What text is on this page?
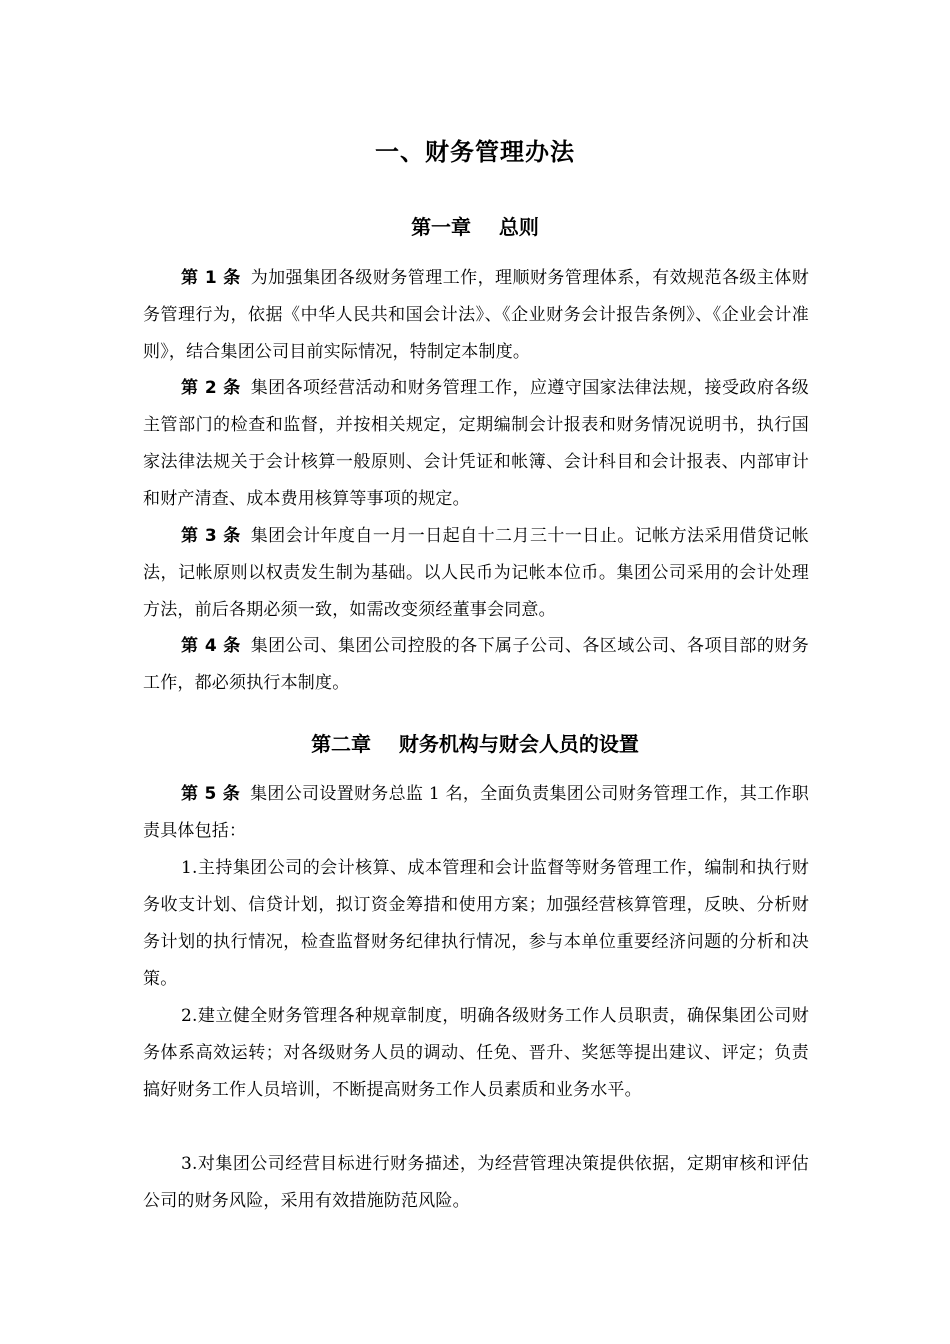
一、财务管理办法
第一章    总则

第 1 条 为加强集团各级财务管理工作，理顺财务管理体系，有效规范各级主体财务管理行为，依据《中华人民共和国会计法》、《企业财务会计报告条例》、《企业会计准则》，结合集团公司目前实际情况，特制定本制度。

第 2 条 集团各项经营活动和财务管理工作，应遵守国家法律法规，接受政府各级主管部门的检查和监督，并按相关规定，定期编制会计报表和财务情况说明书，执行国家法律法规关于会计核算一般原则、会计凭证和帐簿、会计科目和会计报表、内部审计和财产清查、成本费用核算等事项的规定。

第 3 条 集团会计年度自一月一日起自十二月三十一日止。记帐方法采用借贷记帐法，记帐原则以权责发生制为基础。以人民币为记帐本位币。集团公司采用的会计处理方法，前后各期必须一致，如需改变须经董事会同意。

第 4 条 集团公司、集团公司控股的各下属子公司、各区域公司、各项目部的财务工作，都必须执行本制度。

第二章    财务机构与财会人员的设置

第 5 条 集团公司设置财务总监 1 名，全面负责集团公司财务管理工作，其工作职责具体包括：

1.主持集团公司的会计核算、成本管理和会计监督等财务管理工作，编制和执行财务收支计划、信贷计划，拟订资金筹措和使用方案；加强经营核算管理，反映、分析财务计划的执行情况，检查监督财务纪律执行情况，参与本单位重要经济问题的分析和决策。

2.建立健全财务管理各种规章制度，明确各级财务工作人员职责，确保集团公司财务体系高效运转；对各级财务人员的调动、任免、晋升、奖惩等提出建议、评定；负责搞好财务工作人员培训，不断提高财务工作人员素质和业务水平。

3.对集团公司经营目标进行财务描述，为经营管理决策提供依据，定期审核和评估公司的财务风险，采用有效措施防范风险。
